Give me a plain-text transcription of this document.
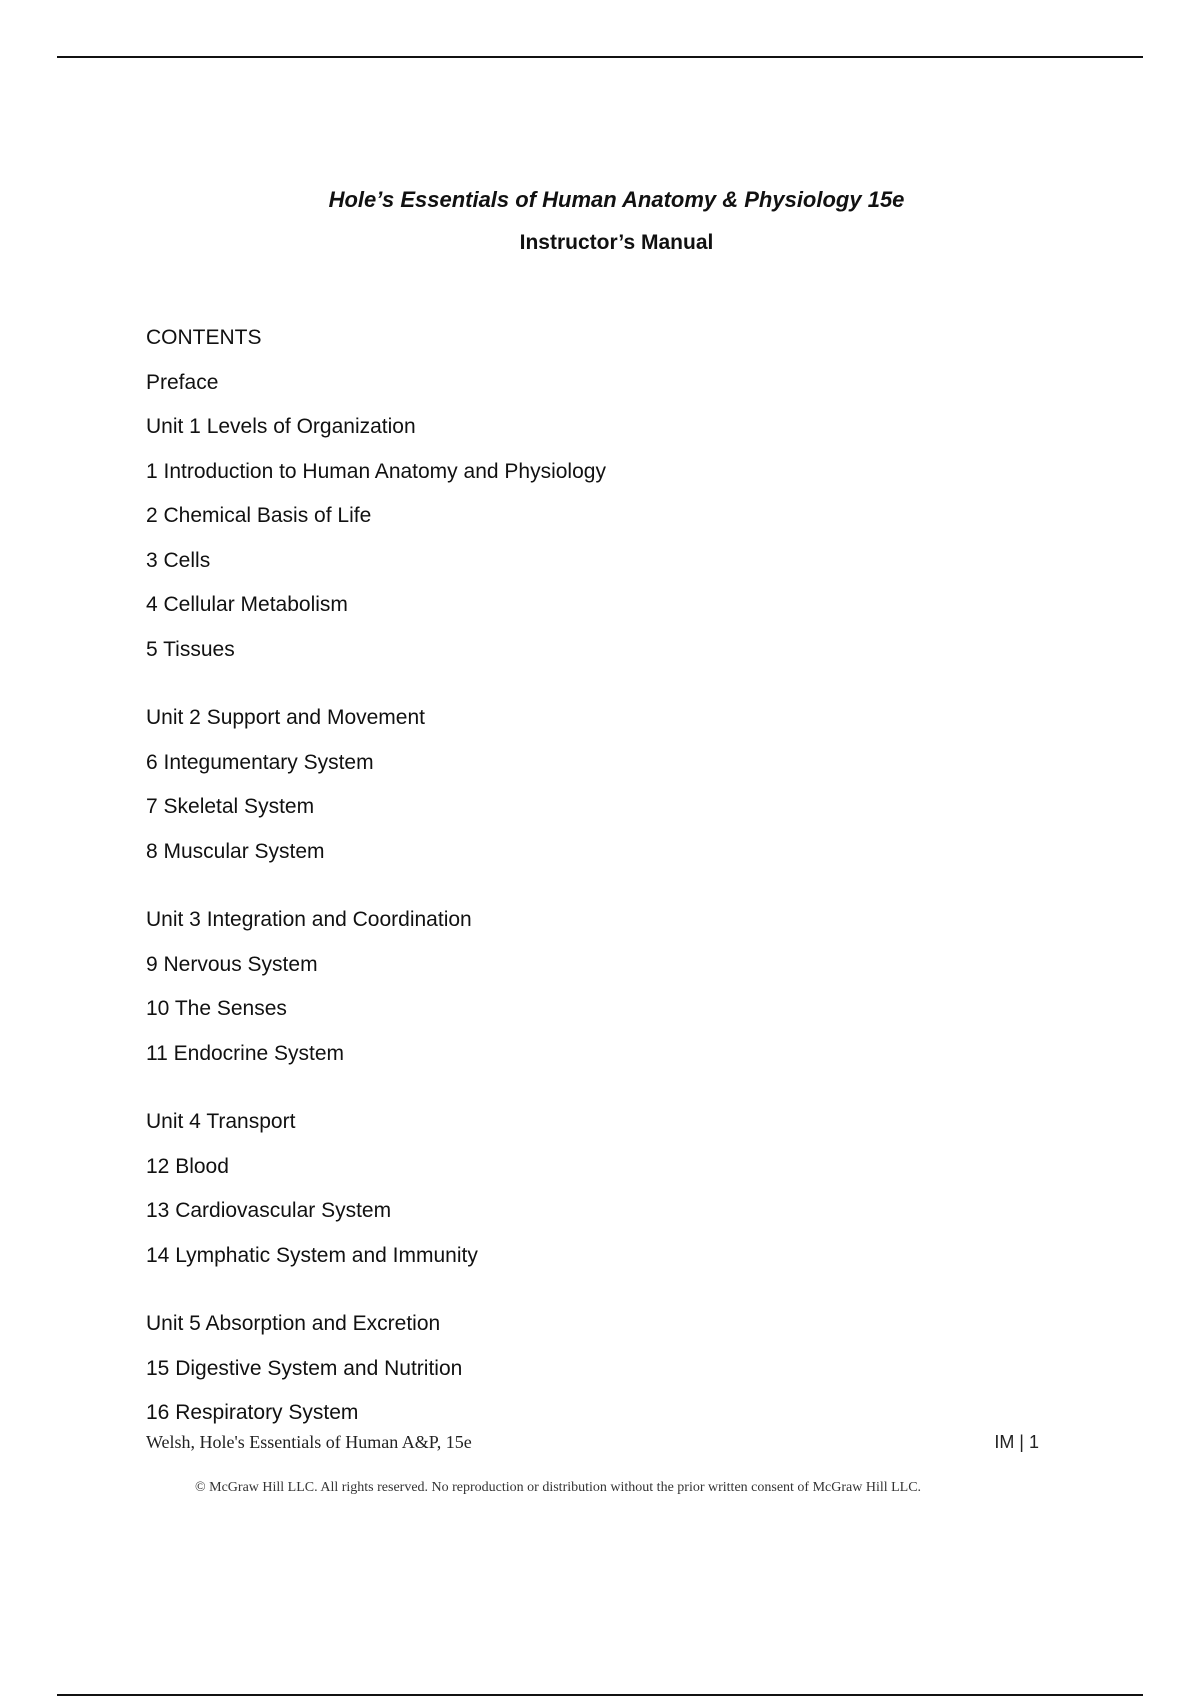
Hole’s Essentials of Human Anatomy & Physiology 15e
Instructor’s Manual
CONTENTS
Preface
Unit 1 Levels of Organization
1 Introduction to Human Anatomy and Physiology
2 Chemical Basis of Life
3 Cells
4 Cellular Metabolism
5 Tissues
Unit 2 Support and Movement
6 Integumentary System
7 Skeletal System
8 Muscular System
Unit 3 Integration and Coordination
9 Nervous System
10 The Senses
11 Endocrine System
Unit 4 Transport
12 Blood
13 Cardiovascular System
14 Lymphatic System and Immunity
Unit 5 Absorption and Excretion
15 Digestive System and Nutrition
16 Respiratory System
Welsh, Hole's Essentials of Human A&P, 15e	IM | 1
© McGraw Hill LLC. All rights reserved. No reproduction or distribution without the prior written consent of McGraw Hill LLC.
